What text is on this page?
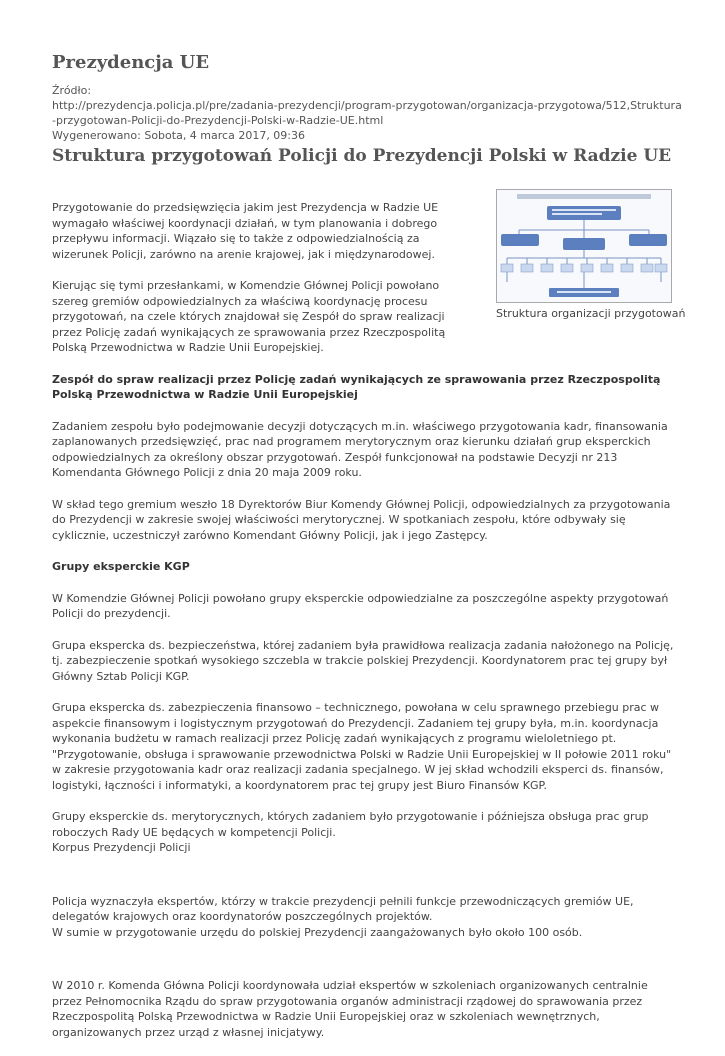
Prezydencja UE
Źródło:
http://prezydencja.policja.pl/pre/zadania-prezydencji/program-przygotowan/organizacja-przygotowa/512,Struktura-przygotowan-Policji-do-Prezydencji-Polski-w-Radzie-UE.html
Wygenerowano: Sobota, 4 marca 2017, 09:36
Struktura przygotowań Policji do Prezydencji Polski w Radzie UE
Struktura organizacji przygotowań

Przygotowanie do przedsięwzięcia jakim jest Prezydencja w Radzie UE wymagało właściwej koordynacji działań, w tym planowania i dobrego przepływu informacji. Wiązało się to także z odpowiedzialnością za wizerunek Policji, zarówno na arenie krajowej, jak i międzynarodowej.

Kierując się tymi przesłankami, w Komendzie Głównej Policji powołano szereg gremiów odpowiedzialnych za właściwą koordynację procesu przygotowań, na czele których znajdował się Zespół do spraw realizacji przez Policję zadań wynikających ze sprawowania przez Rzeczpospolitą Polską Przewodnictwa w Radzie Unii Europejskiej.

Zespół do spraw realizacji przez Policję zadań wynikających ze sprawowania przez Rzeczpospolitą Polską Przewodnictwa w Radzie Unii Europejskiej

Zadaniem zespołu było podejmowanie decyzji dotyczących m.in. właściwego przygotowania kadr, finansowania zaplanowanych przedsięwzięć, prac nad programem merytorycznym oraz kierunku działań grup eksperckich odpowiedzialnych za określony obszar przygotowań. Zespół funkcjonował na podstawie Decyzji nr 213 Komendanta Głównego Policji z dnia 20 maja 2009 roku.

W skład tego gremium weszło 18 Dyrektorów Biur Komendy Głównej Policji, odpowiedzialnych za przygotowania do Prezydencji w zakresie swojej właściwości merytorycznej. W spotkaniach zespołu, które odbywały się cyklicznie, uczestniczył zarówno Komendant Główny Policji, jak i jego Zastępcy.

Grupy eksperckie KGP

W Komendzie Głównej Policji powołano grupy eksperckie odpowiedzialne za poszczególne aspekty przygotowań Policji do prezydencji.

Grupa ekspercka ds. bezpieczeństwa, której zadaniem była prawidłowa realizacja zadania nałożonego na Policję, tj. zabezpieczenie spotkań wysokiego szczebla w trakcie polskiej Prezydencji. Koordynatorem prac tej grupy był Główny Sztab Policji KGP.

Grupa ekspercka ds. zabezpieczenia finansowo – technicznego, powołana w celu sprawnego przebiegu prac w aspekcie finansowym i logistycznym przygotowań do Prezydencji. Zadaniem tej grupy była, m.in. koordynacja wykonania budżetu w ramach realizacji przez Policję zadań wynikających z programu wieloletniego pt. "Przygotowanie, obsługa i sprawowanie przewodnictwa Polski w Radzie Unii Europejskiej w II połowie 2011 roku" w zakresie przygotowania kadr oraz realizacji zadania specjalnego. W jej skład wchodzili eksperci ds. finansów, logistyki, łączności i informatyki, a koordynatorem prac tej grupy jest Biuro Finansów KGP.

Grupy eksperckie ds. merytorycznych, których zadaniem było przygotowanie i późniejsza obsługa prac grup roboczych Rady UE będących w kompetencji Policji.
Korpus Prezydencji Policji

Policja wyznaczyła ekspertów, którzy w trakcie prezydencji pełnili funkcje przewodniczących gremiów UE, delegatów krajowych oraz koordynatorów poszczególnych projektów.
W sumie w przygotowanie urzędu do polskiej Prezydencji zaangażowanych było około 100 osób.

W 2010 r. Komenda Główna Policji koordynowała udział ekspertów w szkoleniach organizowanych centralnie przez Pełnomocnika Rządu do spraw przygotowania organów administracji rządowej do sprawowania przez Rzeczpospolitą Polską Przewodnictwa w Radzie Unii Europejskiej oraz w szkoleniach wewnętrznych, organizowanych przez urząd z własnej inicjatywy.
